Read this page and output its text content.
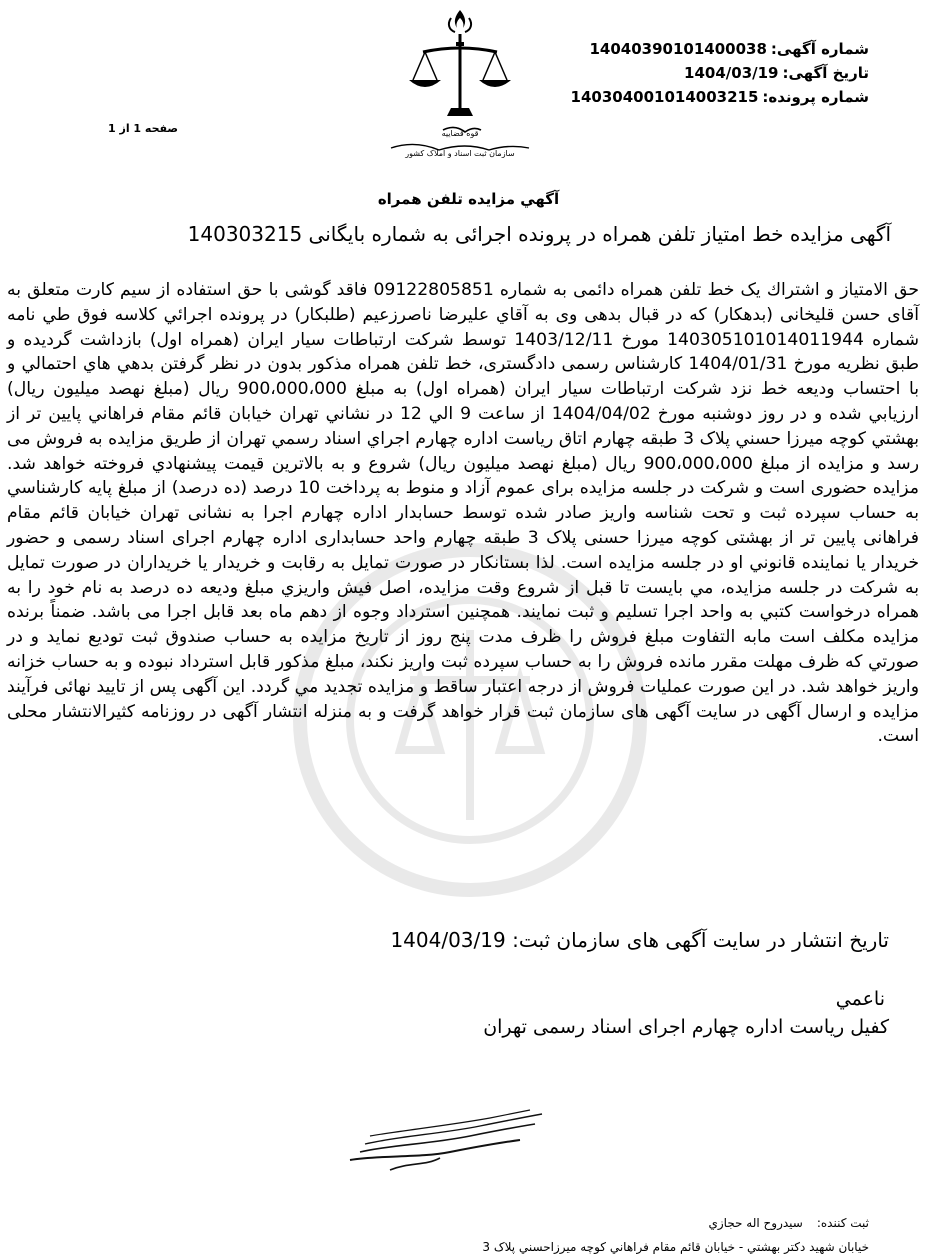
شماره آگهی:14040390101400038
تاریخ آگهی:1404/03/19
شماره پرونده:14030400101400321‎5
صفحه 1 از 1	قوه قضاییه
سازمان ثبت اسناد و املاک کشور
آگهي مزايده تلفن همراه
آگهی مزایده خط امتیاز تلفن همراه در پرونده اجرائی به شماره بایگانی 140303215
حق الامتياز و اشتراك يک خط تلفن همراه دائمی به شماره 09122805851 فاقد گوشی با حق استفاده از سيم كارت متعلق به آقای حسن قليخانی (بدهكار) كه در قبال بدهی وی به آقاي عليرضا ناصرزعيم (طلبكار) در پرونده اجرائي كلاسه فوق طي نامه شماره 140305101014011944 مورخ 1403/12/11 توسط شركت ارتباطات سيار ايران (همراه اول) بازداشت گرديده و طبق نظريه مورخ 1404/01/31 كارشناس رسمی دادگستری، خط تلفن همراه مذكور بدون در نظر گرفتن بدهي هاي احتمالي و با احتساب وديعه خط نزد شركت ارتباطات سيار ايران (همراه اول) به مبلغ 900،000،000 ريال (مبلغ نهصد ميليون ريال) ارزيابي شده و در روز دوشنبه مورخ 1404/04/02 از ساعت 9 الي 12 در نشاني تهران خيابان قائم مقام فراهاني پايين تر از بهشتي كوچه ميرزا حسني پلاک 3 طبقه چهارم اتاق رياست اداره چهارم اجراي اسناد رسمي تهران از طريق مزايده به فروش می رسد و مزايده از مبلغ 900،000،000 ريال (مبلغ نهصد ميليون ريال) شروع و به بالاترين قيمت پيشنهادي فروخته خواهد شد. مزايده حضوری است و شركت در جلسه مزايده برای عموم آزاد و منوط به پرداخت 10 درصد (ده درصد) از مبلغ پايه كارشناسي به حساب سپرده ثبت و تحت شناسه واريز صادر شده توسط حسابدار اداره چهارم اجرا به نشانی تهران خيابان قائم مقام فراهانی پايين تر از بهشتی كوچه ميرزا حسنی پلاک 3 طبقه چهارم واحد حسابداری اداره چهارم اجرای اسناد رسمی و حضور خريدار يا نماينده قانوني او در جلسه مزايده است. لذا بستانكار در صورت تمايل به رقابت و خريدار يا خريداران در صورت تمايل به شركت در جلسه مزايده، مي بايست تا قبل از شروع وقت مزايده، اصل فيش واريزي مبلغ وديعه ده درصد به نام خود را به همراه درخواست كتبي به واحد اجرا تسليم و ثبت نمايند. همچنين استرداد وجوه از دهم ماه بعد قابل اجرا می باشد. ضمناً برنده مزايده مكلف است مابه التفاوت مبلغ فروش را ظرف مدت پنج روز از تاريخ مزايده به حساب صندوق ثبت توديع نمايد و در صورتي كه ظرف مهلت مقرر مانده فروش را به حساب سپرده ثبت واريز نكند، مبلغ مذكور قابل استرداد نبوده و به حساب خزانه واريز خواهد شد. در اين صورت عمليات فروش از درجه اعتبار ساقط و مزايده تجديد مي گردد. اين آگهی پس از تاييد نهائی فرآيند مزايده و ارسال آگهی در سايت آگهی های سازمان ثبت قرار خواهد گرفت و به منزله انتشار آگهی در روزنامه كثيرالانتشار محلی است.
تاریخ انتشار در سایت آگهی های سازمان ثبت: 1404/03/19
ناعمي
کفیل ریاست اداره چهارم اجرای اسناد رسمی تهران
ثبت کننده:سيدروح اله حجازي
خيابان شهيد دكتر بهشتي - خيابان قائم مقام فراهاني كوچه ميرزاحسني پلاک 3
